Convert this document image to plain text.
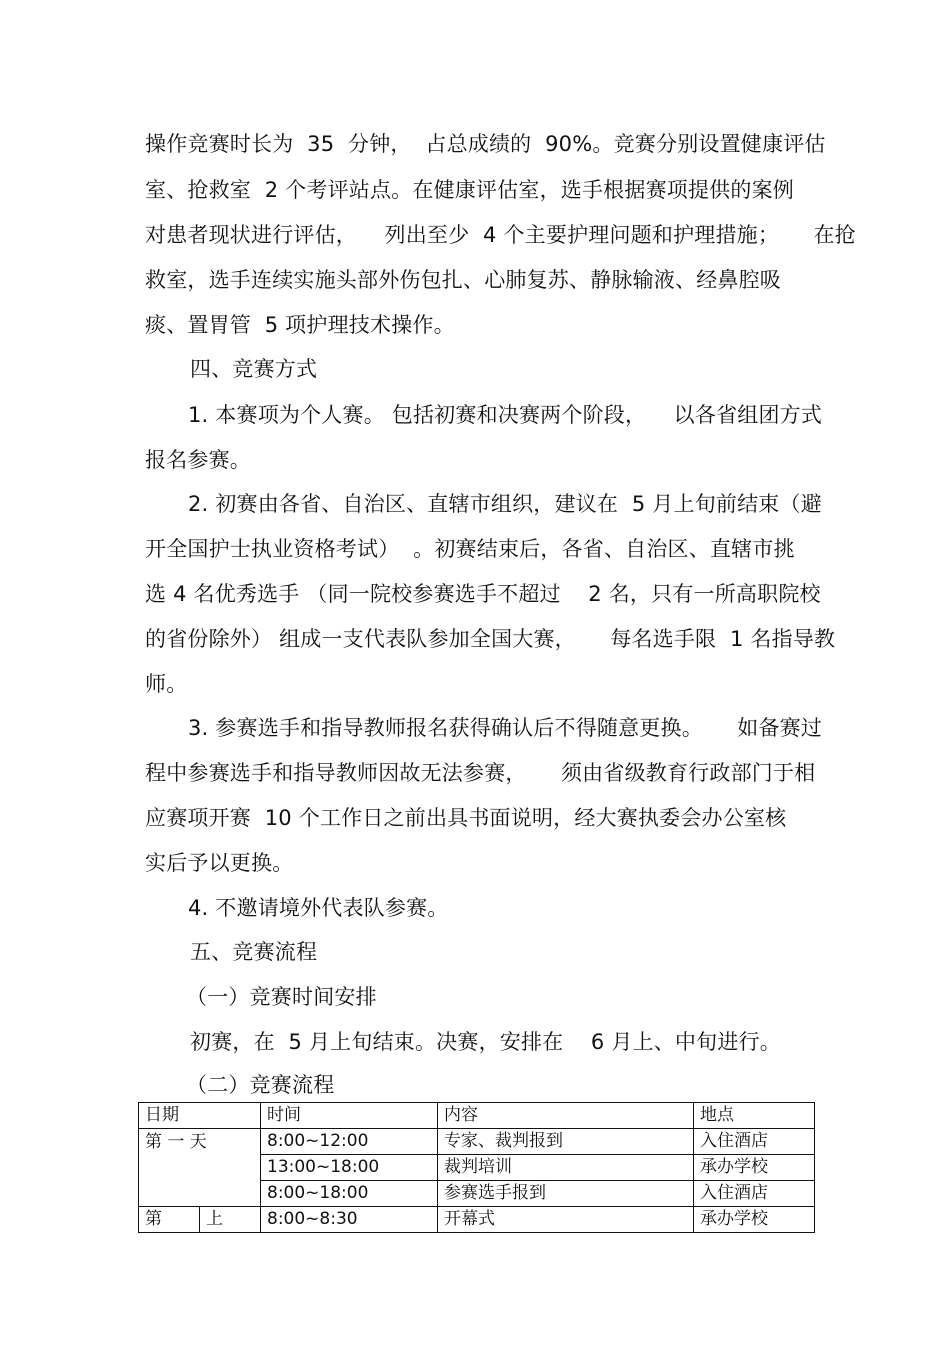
操作竞赛时长为  35  分钟，  占总成绩的  90%。竞赛分别设置健康评估
室、抢救室  2 个考评站点。在健康评估室，选手根据赛项提供的案例
对患者现状进行评估，    列出至少  4 个主要护理问题和护理措施；     在抢
救室，选手连续实施头部外伤包扎、心肺复苏、静脉输液、经鼻腔吸
痰、置胃管  5 项护理技术操作。
四、竞赛方式
1. 本赛项为个人赛。 包括初赛和决赛两个阶段，    以各省组团方式
报名参赛。
2. 初赛由各省、自治区、直辖市组织，建议在  5 月上旬前结束（避
开全国护士执业资格考试）  。初赛结束后，各省、自治区、直辖市挑
选 4 名优秀选手 （同一院校参赛选手不超过    2 名，只有一所高职院校
的省份除外） 组成一支代表队参加全国大赛，     每名选手限  1 名指导教
师。
3. 参赛选手和指导教师报名获得确认后不得随意更换。     如备赛过
程中参赛选手和指导教师因故无法参赛，     须由省级教育行政部门于相
应赛项开赛  10 个工作日之前出具书面说明，经大赛执委会办公室核
实后予以更换。
4. 不邀请境外代表队参赛。
五、竞赛流程
（一）竞赛时间安排
初赛，在  5 月上旬结束。决赛，安排在    6 月上、中旬进行。
（二）竞赛流程
日期		时间	内容	地点
第 一 天		8:00~12:00	专家、裁判报到	入住酒店
		13:00~18:00	裁判培训	承办学校
		8:00~18:00	参赛选手报到	入住酒店
第	上	8:00~8:30	开幕式	承办学校
